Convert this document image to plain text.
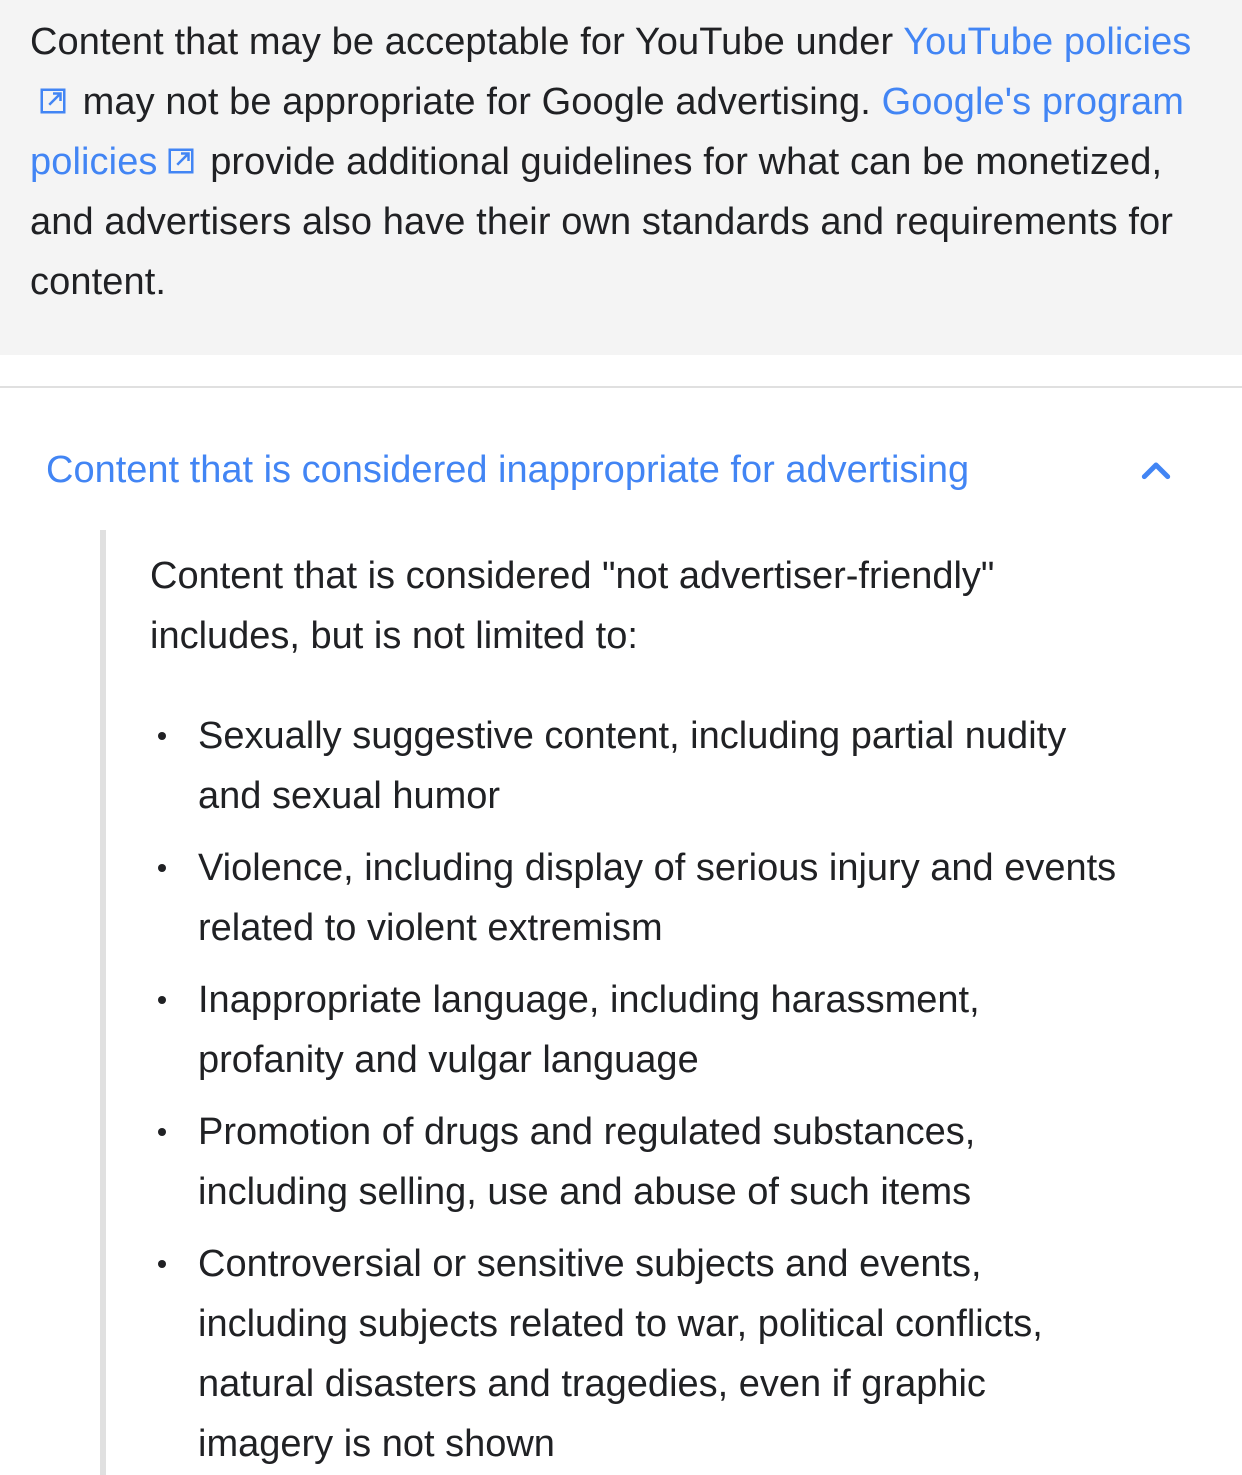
Content that may be acceptable for YouTube under YouTube policies may not be appropriate for Google advertising. Google's program policies provide additional guidelines for what can be monetized, and advertisers also have their own standards and requirements for content.

Content that is considered inappropriate for advertising

Content that is considered "not advertiser-friendly" includes, but is not limited to:

Sexually suggestive content, including partial nudity and sexual humor
Violence, including display of serious injury and events related to violent extremism
Inappropriate language, including harassment, profanity and vulgar language
Promotion of drugs and regulated substances, including selling, use and abuse of such items
Controversial or sensitive subjects and events, including subjects related to war, political conflicts, natural disasters and tragedies, even if graphic imagery is not shown
